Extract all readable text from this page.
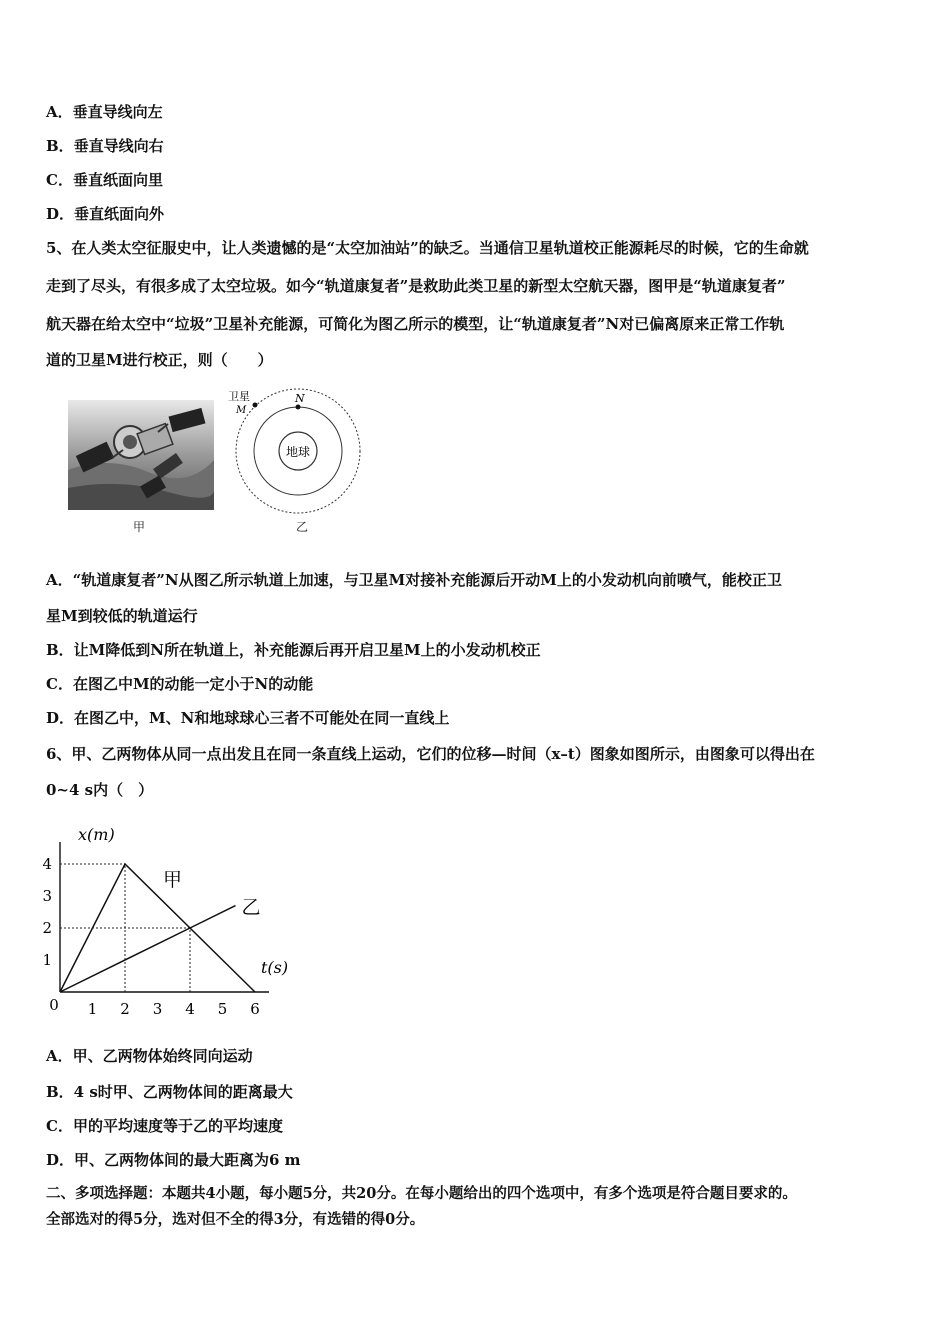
A．垂直导线向左
B．垂直导线向右
C．垂直纸面向里
D．垂直纸面向外
5、在人类太空征服史中，让人类遗憾的是“太空加油站”的缺乏。当通信卫星轨道校正能源耗尽的时候，它的生命就
走到了尽头，有很多成了太空垃圾。如今“轨道康复者”是救助此类卫星的新型太空航天器，图甲是“轨道康复者”
航天器在给太空中“垃圾”卫星补充能源，可简化为图乙所示的模型，让“轨道康复者”N对已偏离原来正常工作轨
道的卫星M进行校正，则（　　）
甲
地球
N
卫星
M
乙
A．“轨道康复者”N从图乙所示轨道上加速，与卫星M对接补充能源后开动M上的小发动机向前喷气，能校正卫
星M到较低的轨道运行
B．让M降低到N所在轨道上，补充能源后再开启卫星M上的小发动机校正
C．在图乙中M的动能一定小于N的动能
D．在图乙中，M、N和地球球心三者不可能处在同一直线上
6、甲、乙两物体从同一点出发且在同一条直线上运动，它们的位移—时间（x–t）图象如图所示，由图象可以得出在
0~4 s内（　）
x(m)
t(s)
0 1 2 3 4 5 6
1
2
3
4
甲
乙
A．甲、乙两物体始终同向运动
B．4 s时甲、乙两物体间的距离最大
C．甲的平均速度等于乙的平均速度
D．甲、乙两物体间的最大距离为6 m
二、多项选择题：本题共4小题，每小题5分，共20分。在每小题给出的四个选项中，有多个选项是符合题目要求的。
全部选对的得5分，选对但不全的得3分，有选错的得0分。
